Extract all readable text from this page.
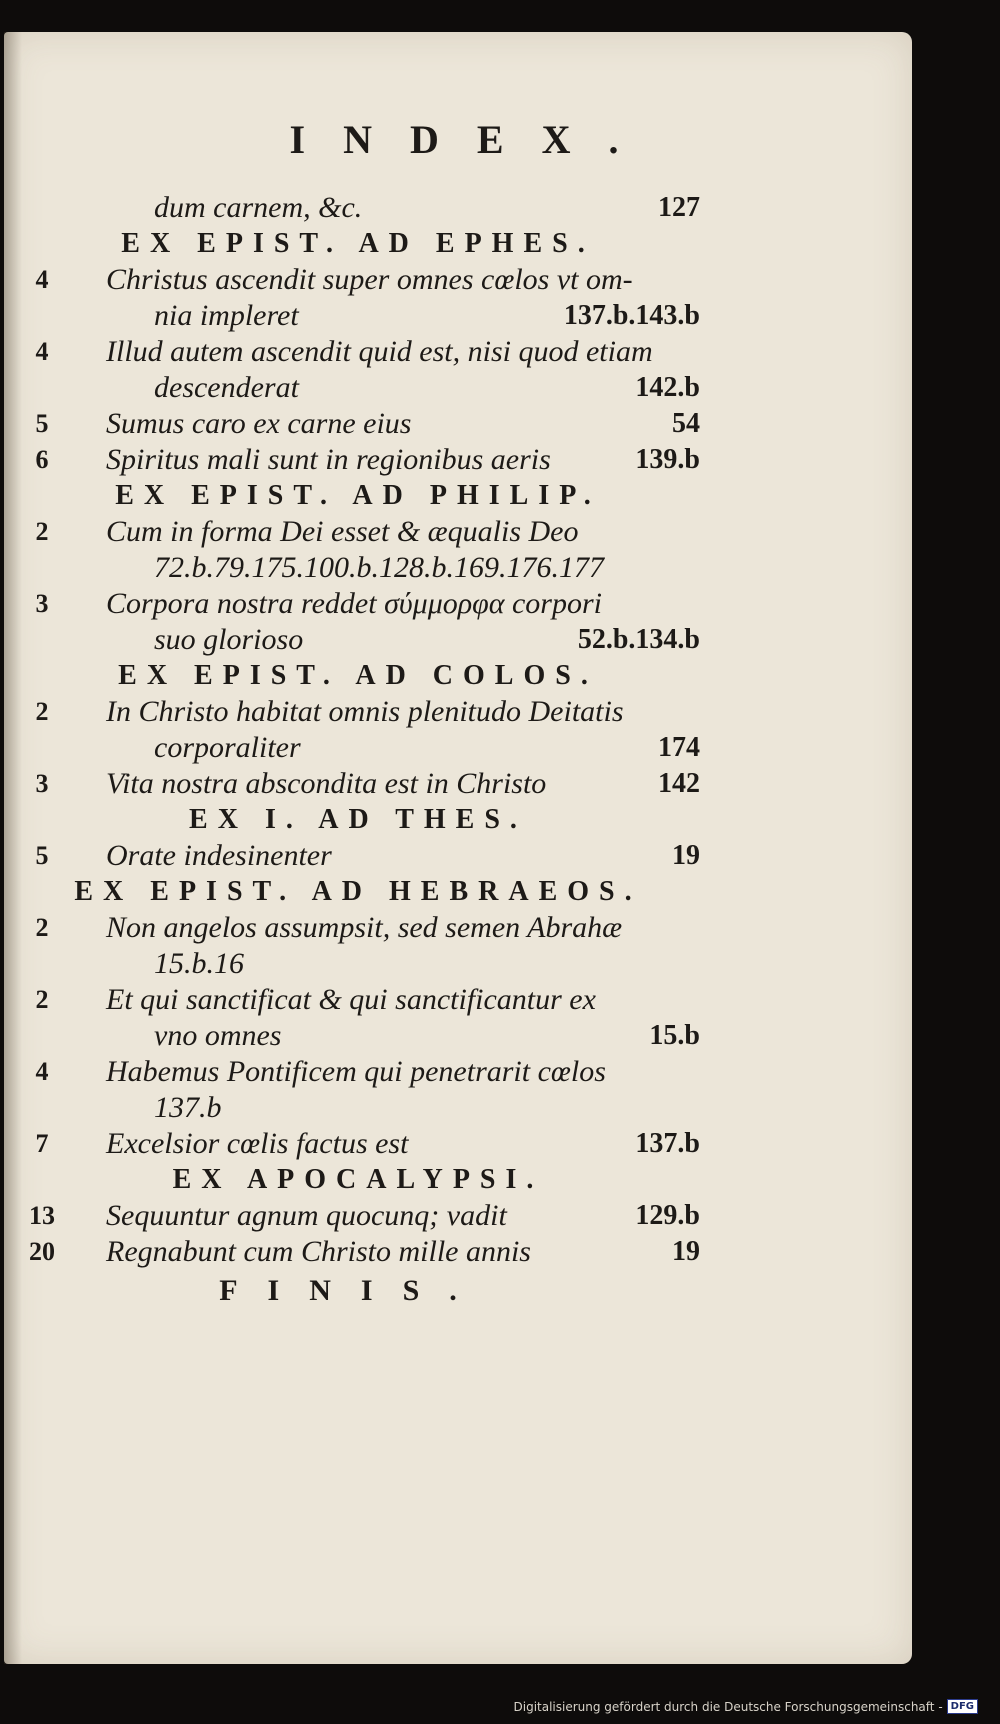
INDEX.
dum carnem, &c.	127
EX EPIST. AD EPHES.
4	Christus ascendit super omnes cœlos vt om-
nia impleret	137.b.143.b
4	Illud autem ascendit quid est, nisi quod etiam
descenderat	142.b
5	Sumus caro ex carne eius	54
6	Spiritus mali sunt in regionibus aeris	139.b
EX EPIST. AD PHILIP.
2	Cum in forma Dei esset & æqualis Deo
72.b.79.175.100.b.128.b.169.176.177
3	Corpora nostra reddet σύμμορφα corpori
suo glorioso	52.b.134.b
EX EPIST. AD COLOS.
2	In Christo habitat omnis plenitudo Deitatis
corporaliter	174
3	Vita nostra abscondita est in Christo	142
EX I. AD THES.
5	Orate indesinenter	19
EX EPIST. AD HEBRAEOS.
2	Non angelos assumpsit, sed semen Abrahæ
15.b.16
2	Et qui sanctificat & qui sanctificantur ex
vno omnes	15.b
4	Habemus Pontificem qui penetrarit cœlos
137.b
7	Excelsior cœlis factus est	137.b
EX APOCALYPSI.
13 Sequuntur agnum quocunq; vadit	129.b
20 Regnabunt cum Christo mille annis	19
FINIS.
Digitalisierung gefördert durch die Deutsche Forschungsgemeinschaft - DFG
